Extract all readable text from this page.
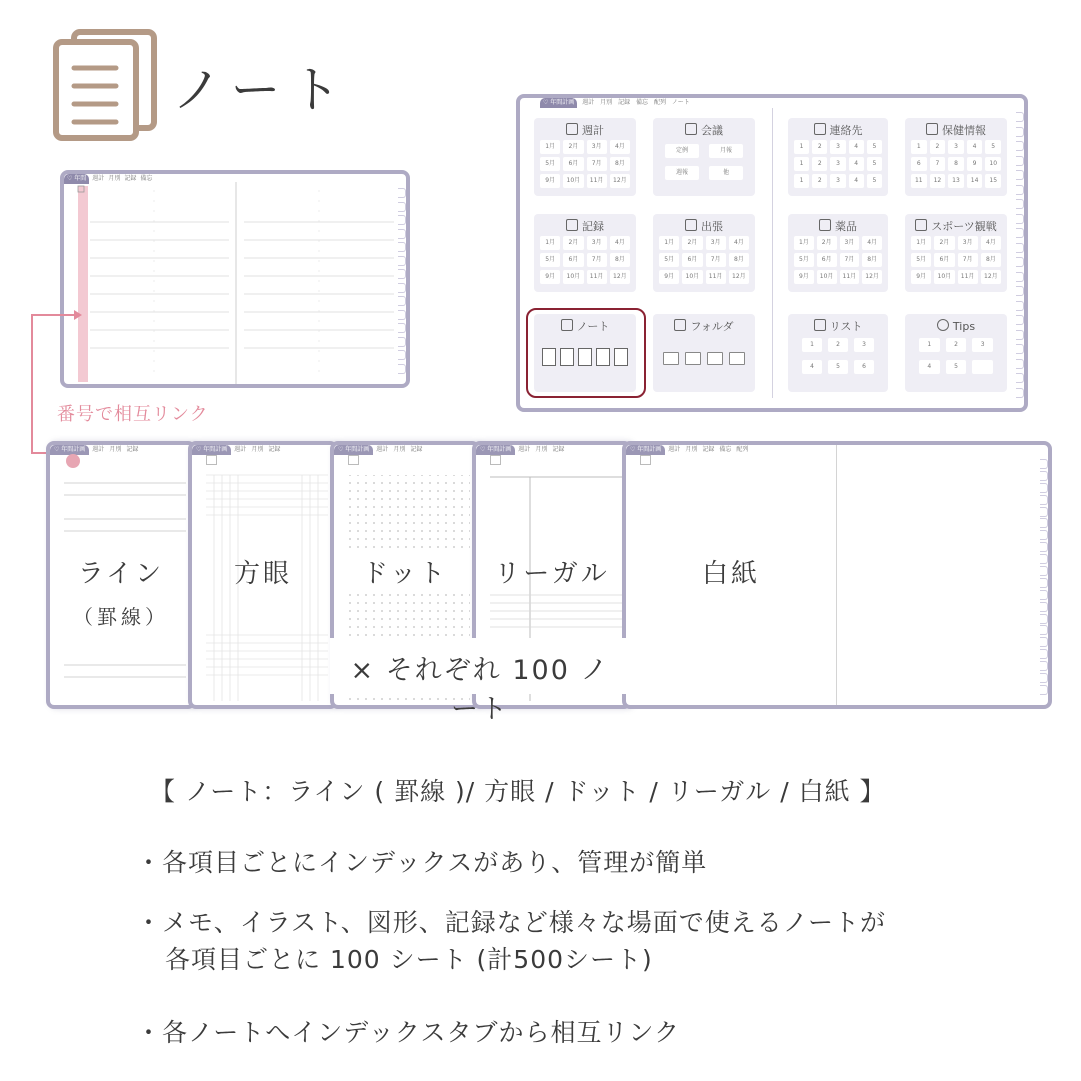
ノート
♡ 年間 週計 月別 記録 備忘
♡ 年間計画 週計 月別 記録 備忘 配列 ノート
週計
1月	2月	3月	4月
5月	6月	7月	8月
9月	10月	11月	12月
会議
定例	月報
週報	他
連絡先
1	2	3	4	5
1	2	3	4	5
1	2	3	4	5
保健情報
1	2	3	4	5
6	7	8	9	10
11	12	13	14	15
記録
1月	2月	3月	4月
5月	6月	7月	8月
9月	10月	11月	12月
出張
1月	2月	3月	4月
5月	6月	7月	8月
9月	10月	11月	12月
薬品
1月	2月	3月	4月
5月	6月	7月	8月
9月	10月	11月	12月
スポーツ観戦
1月	2月	3月	4月
5月	6月	7月	8月
9月	10月	11月	12月
ノート	フォルダ	リスト
1	2	3
4	5	6
Tips
1	2	3
4	5
番号で相互リンク
♡ 年間計画 週計 月別 記録
ライン
（罫線）
♡ 年間計画 週計 月別 記録
方眼
♡ 年間計画 週計 月別 記録
ドット
♡ 年間計画 週計 月別 記録
リーガル
♡ 年間計画 週計 月別 記録 備忘 配列
白紙
× それぞれ 100 ノート
【 ノート：ライン ( 罫線 )/ 方眼 / ドット / リーガル / 白紙 】
・各項目ごとにインデックスがあり、管理が簡単
・メモ、イラスト、図形、記録など様々な場面で使えるノートが
各項目ごとに 100 シート (計500シート)
・各ノートへインデックスタブから相互リンク
